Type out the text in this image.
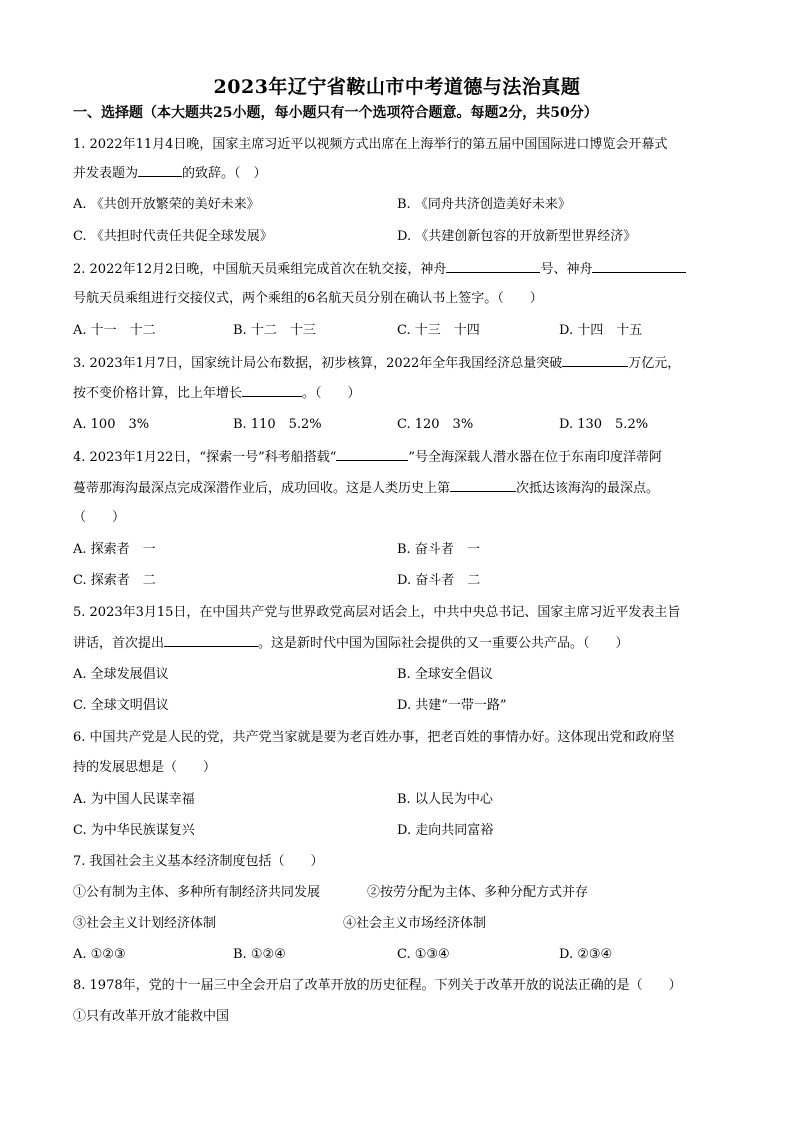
2023年辽宁省鞍山市中考道德与法治真题
一、选择题（本大题共25小题，每小题只有一个选项符合题意。每题2分，共50分）
1. 2022年11月4日晚，国家主席习近平以视频方式出席在上海举行的第五届中国国际进口博览会开幕式
并发表题为	的致辞。（　）
A. 《共创开放繁荣的美好未来》	B. 《同舟共济创造美好未来》
C. 《共担时代责任共促全球发展》	D. 《共建创新包容的开放新型世界经济》
2. 2022年12月2日晚，中国航天员乘组完成首次在轨交接，神舟	号、神舟
号航天员乘组进行交接仪式，两个乘组的6名航天员分别在确认书上签字。（　　）
A. 十一　十二	B. 十二　十三	C. 十三　十四	D. 十四　十五
3. 2023年1月7日，国家统计局公布数据，初步核算，2022年全年我国经济总量突破	万亿元，
按不变价格计算，比上年增长	。（　　）
A. 100　3%	B. 110　5.2%	C. 120　3%	D. 130　5.2%
4. 2023年1月22日，“探索一号”科考船搭载“	”号全海深载人潜水器在位于东南印度洋蒂阿
蔓蒂那海沟最深点完成深潜作业后，成功回收。这是人类历史上第	次抵达该海沟的最深点。
（　　）
A. 探索者　一	B. 奋斗者　一
C. 探索者　二	D. 奋斗者　二
5. 2023年3月15日，在中国共产党与世界政党高层对话会上，中共中央总书记、国家主席习近平发表主旨
讲话，首次提出	。这是新时代中国为国际社会提供的又一重要公共产品。（　　）
A. 全球发展倡议	B. 全球安全倡议
C. 全球文明倡议	D. 共建“一带一路”
6. 中国共产党是人民的党，共产党当家就是要为老百姓办事，把老百姓的事情办好。这体现出党和政府坚
持的发展思想是（　　）
A. 为中国人民谋幸福	B. 以人民为中心
C. 为中华民族谋复兴	D. 走向共同富裕
7. 我国社会主义基本经济制度包括（　　）
①公有制为主体、多种所有制经济共同发展	②按劳分配为主体、多种分配方式并存
③社会主义计划经济体制	④社会主义市场经济体制
A. ①②③	B. ①②④	C. ①③④	D. ②③④
8. 1978年，党的十一届三中全会开启了改革开放的历史征程。下列关于改革开放的说法正确的是（　　）
①只有改革开放才能救中国
